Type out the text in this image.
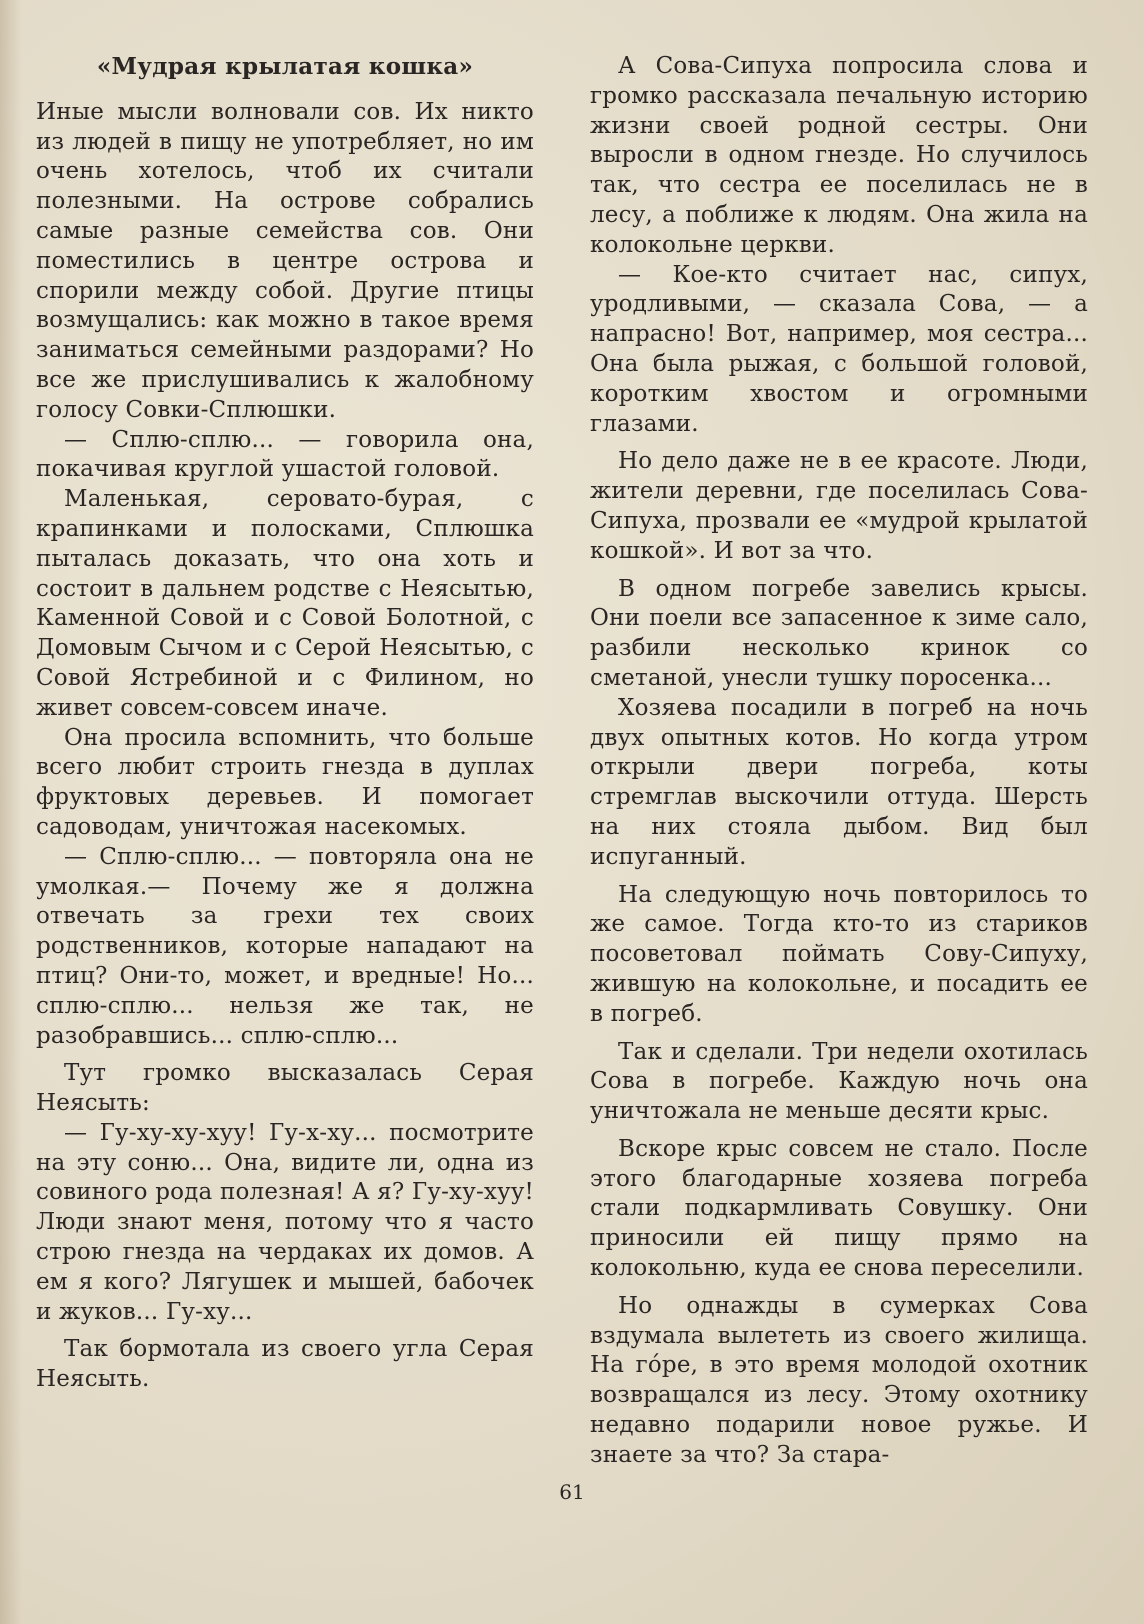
«Мудрая крылатая кошка»

Иные мысли волновали сов. Их никто из людей в пищу не употребляет, но им очень хотелось, чтоб их считали полезными. На острове собрались самые разные семейства сов. Они поместились в центре острова и спорили между собой. Другие птицы возмущались: как можно в такое время заниматься семейными раздорами? Но все же прислушивались к жалобному голосу Совки-Сплюшки.

— Сплю-сплю... — говорила она, покачивая круглой ушастой головой.

Маленькая, серовато-бурая, с крапинками и полосками, Сплюшка пыталась доказать, что она хоть и состоит в дальнем родстве с Неясытью, Каменной Совой и с Совой Болотной, с Домовым Сычом и с Серой Неясытью, с Совой Ястребиной и с Филином, но живет совсем-совсем иначе.

Она просила вспомнить, что больше всего любит строить гнезда в дуплах фруктовых деревьев. И помогает садоводам, уничтожая насекомых.

— Сплю-сплю... — повторяла она не умолкая.— Почему же я должна отвечать за грехи тех своих родственников, которые нападают на птиц? Они-то, может, и вредные! Но... сплю-сплю... нельзя же так, не разобравшись... сплю-сплю...

Тут громко высказалась Серая Неясыть:

— Гу-ху-ху-хуу! Гу-х-ху... посмотрите на эту соню... Она, видите ли, одна из совиного рода полезная! А я? Гу-ху-хуу! Люди знают меня, потому что я часто строю гнезда на чердаках их домов. А ем я кого? Лягушек и мышей, бабочек и жуков... Гу-ху...

Так бормотала из своего угла Серая Неясыть.

А Сова-Сипуха попросила слова и громко рассказала печальную историю жизни своей родной сестры. Они выросли в одном гнезде. Но случилось так, что сестра ее поселилась не в лесу, а поближе к людям. Она жила на колокольне церкви.

— Кое-кто считает нас, сипух, уродливыми, — сказала Сова, — а напрасно! Вот, например, моя сестра... Она была рыжая, с большой головой, коротким хвостом и огромными глазами.

Но дело даже не в ее красоте. Люди, жители деревни, где поселилась Сова-Сипуха, прозвали ее «мудрой крылатой кошкой». И вот за что.

В одном погребе завелись крысы. Они поели все запасенное к зиме сало, разбили несколько кринок со сметаной, унесли тушку поросенка...

Хозяева посадили в погреб на ночь двух опытных котов. Но когда утром открыли двери погреба, коты стремглав выскочили оттуда. Шерсть на них стояла дыбом. Вид был испуганный.

На следующую ночь повторилось то же самое. Тогда кто-то из стариков посоветовал поймать Сову-Сипуху, жившую на колокольне, и посадить ее в погреб.

Так и сделали. Три недели охотилась Сова в погребе. Каждую ночь она уничтожала не меньше десяти крыс.

Вскоре крыс совсем не стало. После этого благодарные хозяева погреба стали подкармливать Совушку. Они приносили ей пищу прямо на колокольню, куда ее снова переселили.

Но однажды в сумерках Сова вздумала вылететь из своего жилища. На гóре, в это время молодой охотник возвращался из лесу. Этому охотнику недавно подарили новое ружье. И знаете за что? За стара-

61
